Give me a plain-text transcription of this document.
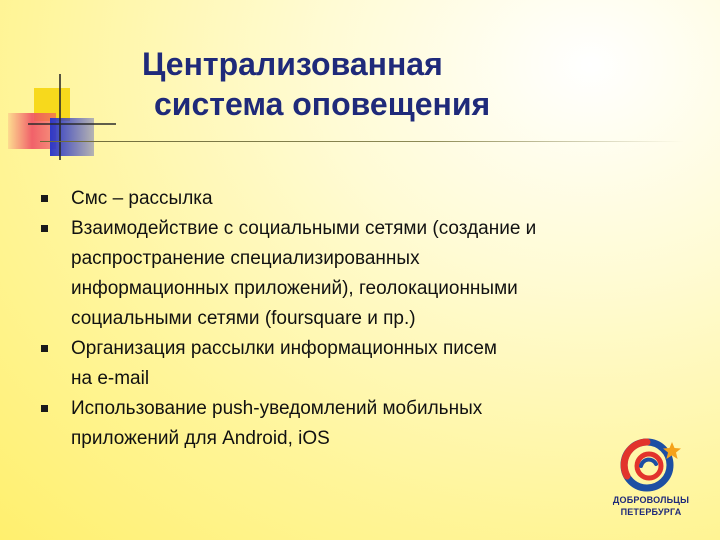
Централизованная
система оповещения
Смс – рассылка
Взаимодействие с социальными сетями (создание и
распространение специализированных
информационных приложений), геолокационными
социальными сетями (foursquare и пр.)
Организация рассылки информационных писем
на e-mail
Использование push-уведомлений мобильных
приложений для Android, iOS
ДОБРОВОЛЬЦЫ
ПЕТЕРБУРГА
